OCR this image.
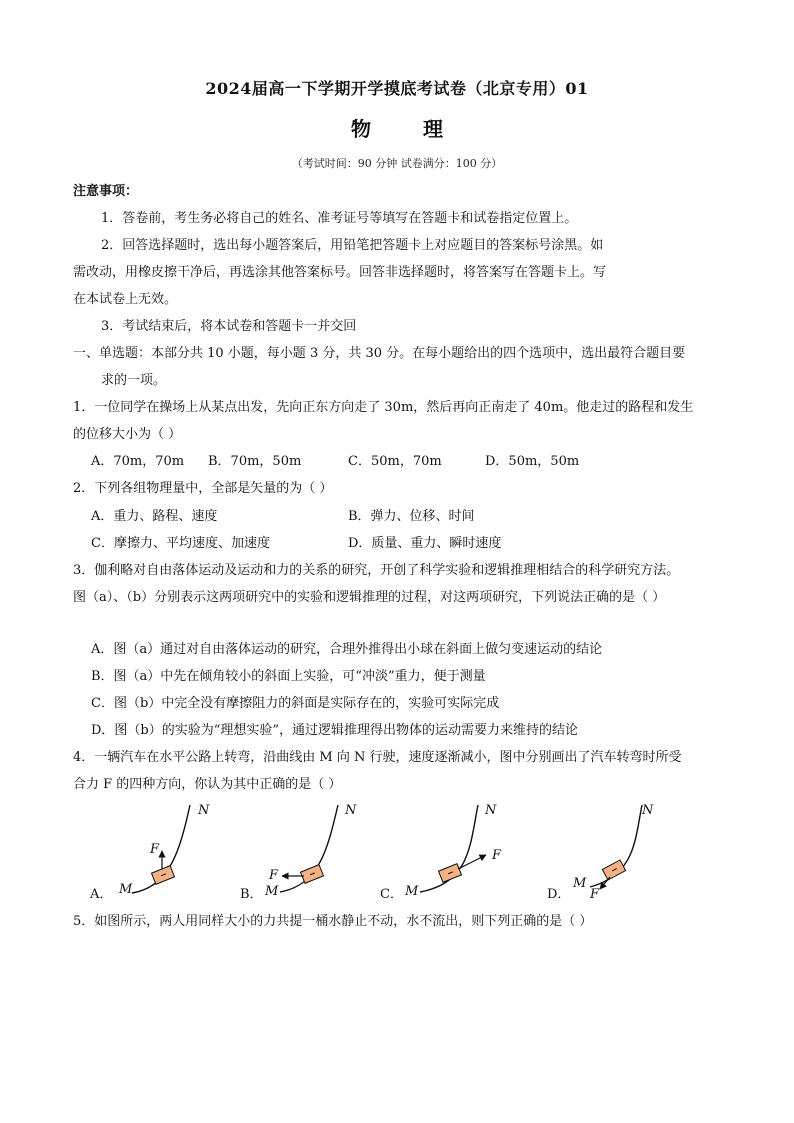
2024届高一下学期开学摸底考试卷（北京专用）01
物	理
（考试时间：90 分钟 试卷满分：100 分）
注意事项：
1．答卷前，考生务必将自己的姓名、准考证号等填写在答题卡和试卷指定位置上。
2．回答选择题时，选出每小题答案后，用铅笔把答题卡上对应题目的答案标号涂黑。如
需改动，用橡皮擦干净后，再选涂其他答案标号。回答非选择题时，将答案写在答题卡上。写
在本试卷上无效。
3．考试结束后，将本试卷和答题卡一并交回
一、单选题：本部分共 10 小题，每小题 3 分，共 30 分。在每小题给出的四个选项中，选出最符合题目要
求的一项。
1．一位同学在操场上从某点出发，先向正东方向走了 30m，然后再向正南走了 40m。他走过的路程和发生
的位移大小为（ ）
A．70m，70m B．70m，50m	C．50m，70m	D．50m，50m
2．下列各组物理量中，全部是矢量的为（ ）
A．重力、路程、速度	B．弹力、位移、时间
C．摩擦力、平均速度、加速度	D．质量、重力、瞬时速度
3．伽利略对自由落体运动及运动和力的关系的研究，开创了科学实验和逻辑推理相结合的科学研究方法。
图（a）、（b）分别表示这两项研究中的实验和逻辑推理的过程，对这两项研究，下列说法正确的是（ ）
A．图（a）通过对自由落体运动的研究，合理外推得出小球在斜面上做匀变速运动的结论
B．图（a）中先在倾角较小的斜面上实验，可“冲淡”重力，便于测量
C．图（b）中完全没有摩擦阻力的斜面是实际存在的，实验可实际完成
D．图（b）的实验为“理想实验”，通过逻辑推理得出物体的运动需要力来维持的结论
4．一辆汽车在水平公路上转弯，沿曲线由 M 向 N 行驶，速度逐渐减小，图中分别画出了汽车转弯时所受
合力 F 的四种方向，你认为其中正确的是（ ）
A． M
N
F
B． M
N
F
C． M
N
F
D．
M
N
F
5．如图所示，两人用同样大小的力共提一桶水静止不动，水不流出，则下列正确的是（ ）
